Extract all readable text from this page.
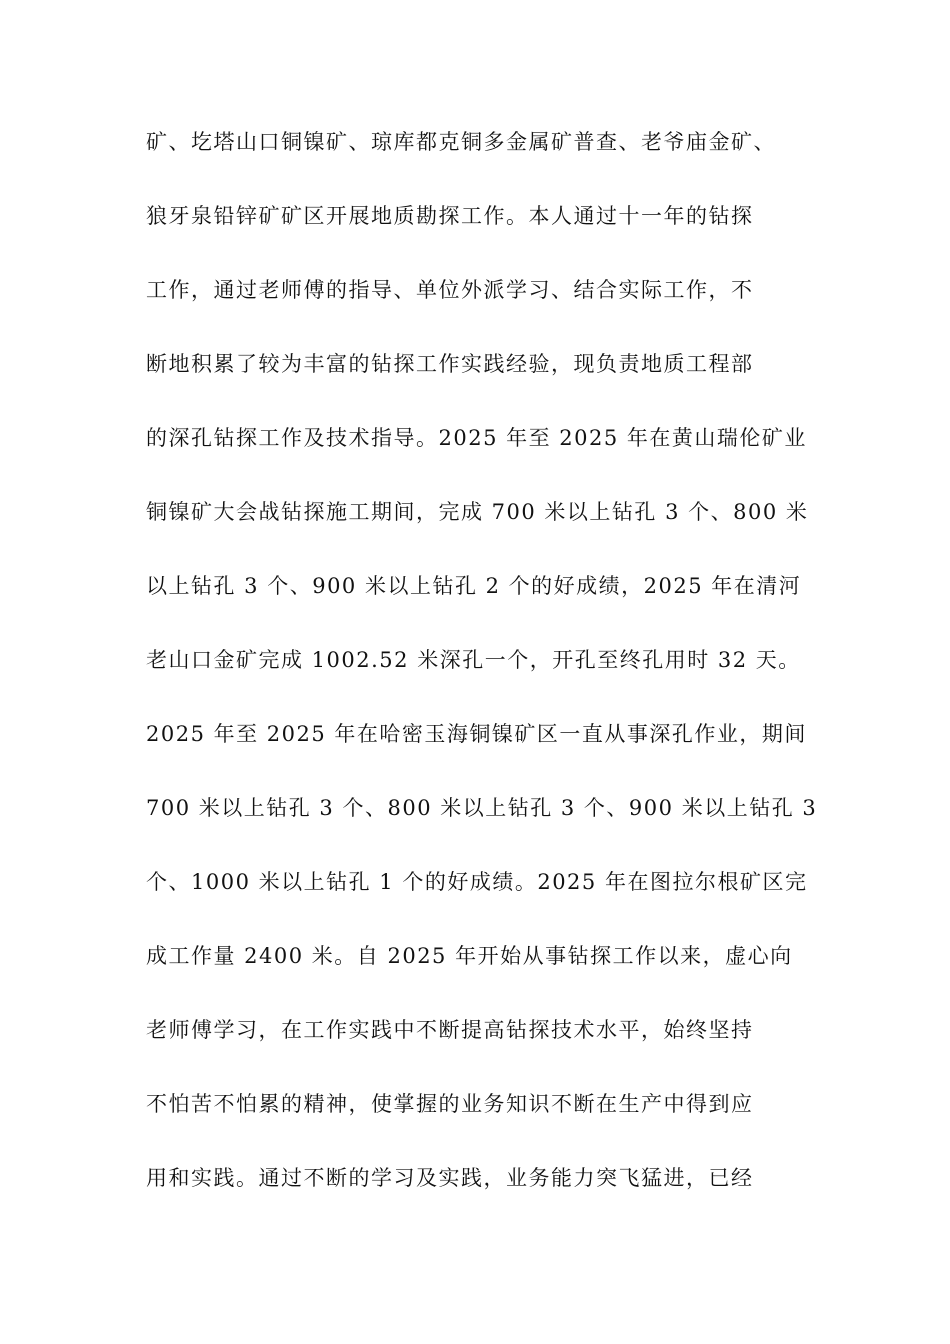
矿、圪塔山口铜镍矿、琼库都克铜多金属矿普查、老爷庙金矿、
狼牙泉铅锌矿矿区开展地质勘探工作。本人通过十一年的钻探
工作，通过老师傅的指导、单位外派学习、结合实际工作，不
断地积累了较为丰富的钻探工作实践经验，现负责地质工程部
的深孔钻探工作及技术指导。2025 年至 2025 年在黄山瑞伦矿业
铜镍矿大会战钻探施工期间，完成 700 米以上钻孔 3 个、800 米
以上钻孔 3 个、900 米以上钻孔 2 个的好成绩，2025 年在清河
老山口金矿完成 1002.52 米深孔一个，开孔至终孔用时 32 天。
2025 年至 2025 年在哈密玉海铜镍矿区一直从事深孔作业，期间
700 米以上钻孔 3 个、800 米以上钻孔 3 个、900 米以上钻孔 3
个、1000 米以上钻孔 1 个的好成绩。2025 年在图拉尔根矿区完
成工作量 2400 米。自 2025 年开始从事钻探工作以来，虚心向
老师傅学习，在工作实践中不断提高钻探技术水平，始终坚持
不怕苦不怕累的精神，使掌握的业务知识不断在生产中得到应
用和实践。通过不断的学习及实践，业务能力突飞猛进，已经
